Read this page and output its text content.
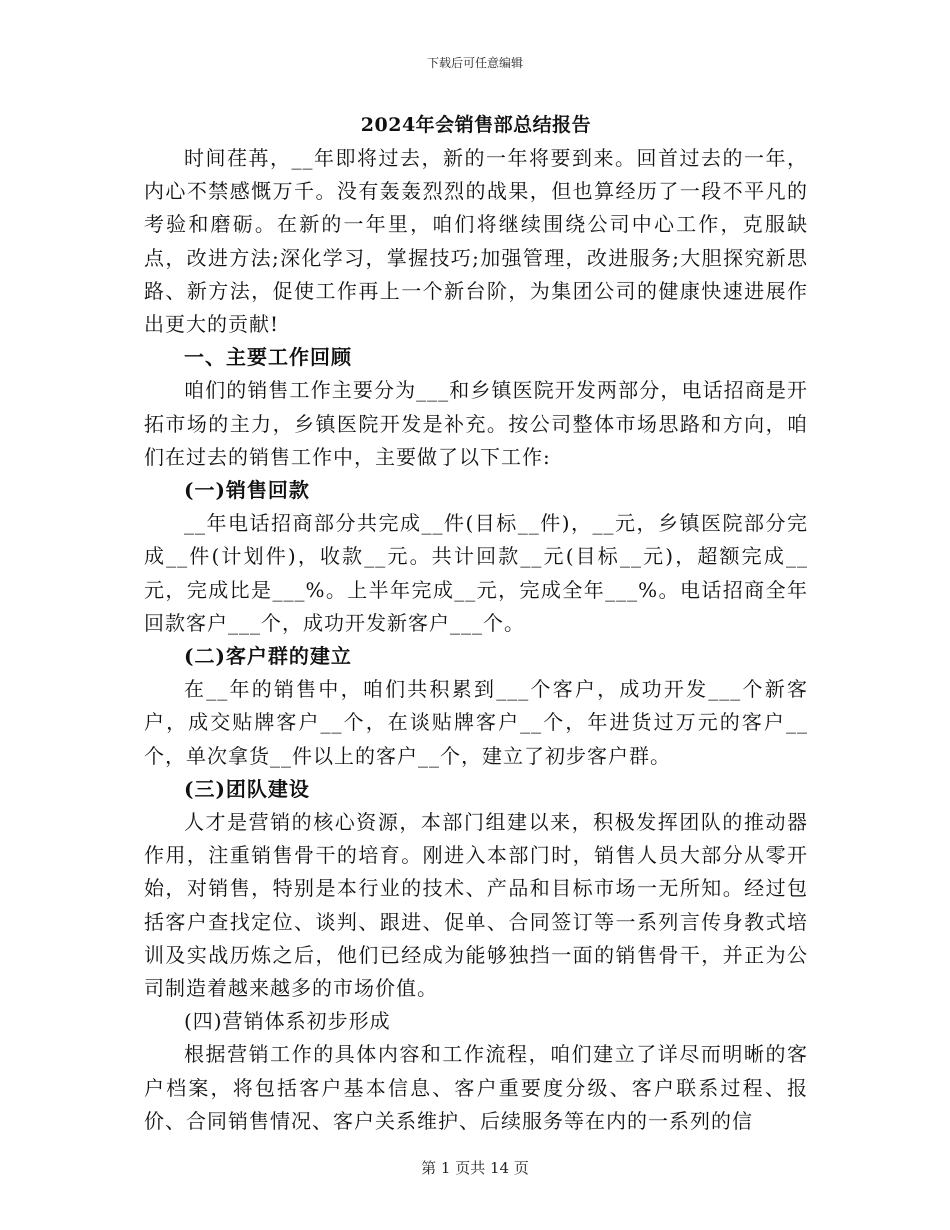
下载后可任意编辑
2024年会销售部总结报告

时间荏苒，__年即将过去，新的一年将要到来。回首过去的一年，内心不禁感慨万千。没有轰轰烈烈的战果，但也算经历了一段不平凡的考验和磨砺。在新的一年里，咱们将继续围绕公司中心工作，克服缺点，改进方法;深化学习，掌握技巧;加强管理，改进服务;大胆探究新思路、新方法，促使工作再上一个新台阶，为集团公司的健康快速进展作出更大的贡献!

一、主要工作回顾

咱们的销售工作主要分为___和乡镇医院开发两部分，电话招商是开拓市场的主力，乡镇医院开发是补充。按公司整体市场思路和方向，咱们在过去的销售工作中，主要做了以下工作:

(一)销售回款

__年电话招商部分共完成__件(目标__件)，__元，乡镇医院部分完成__件(计划件)，收款__元。共计回款__元(目标__元)，超额完成__元，完成比是___%。上半年完成__元，完成全年___%。电话招商全年回款客户___个，成功开发新客户___个。

(二)客户群的建立

在__年的销售中，咱们共积累到___个客户，成功开发___个新客户，成交贴牌客户__个，在谈贴牌客户__个，年进货过万元的客户__个，单次拿货__件以上的客户__个，建立了初步客户群。

(三)团队建设

人才是营销的核心资源，本部门组建以来，积极发挥团队的推动器作用，注重销售骨干的培育。刚进入本部门时，销售人员大部分从零开始，对销售，特别是本行业的技术、产品和目标市场一无所知。经过包括客户查找定位、谈判、跟进、促单、合同签订等一系列言传身教式培训及实战历炼之后，他们已经成为能够独挡一面的销售骨干，并正为公司制造着越来越多的市场价值。

(四)营销体系初步形成

根据营销工作的具体内容和工作流程，咱们建立了详尽而明晰的客户档案，将包括客户基本信息、客户重要度分级、客户联系过程、报价、合同销售情况、客户关系维护、后续服务等在内的一系列的信

第 1 页共 14 页
